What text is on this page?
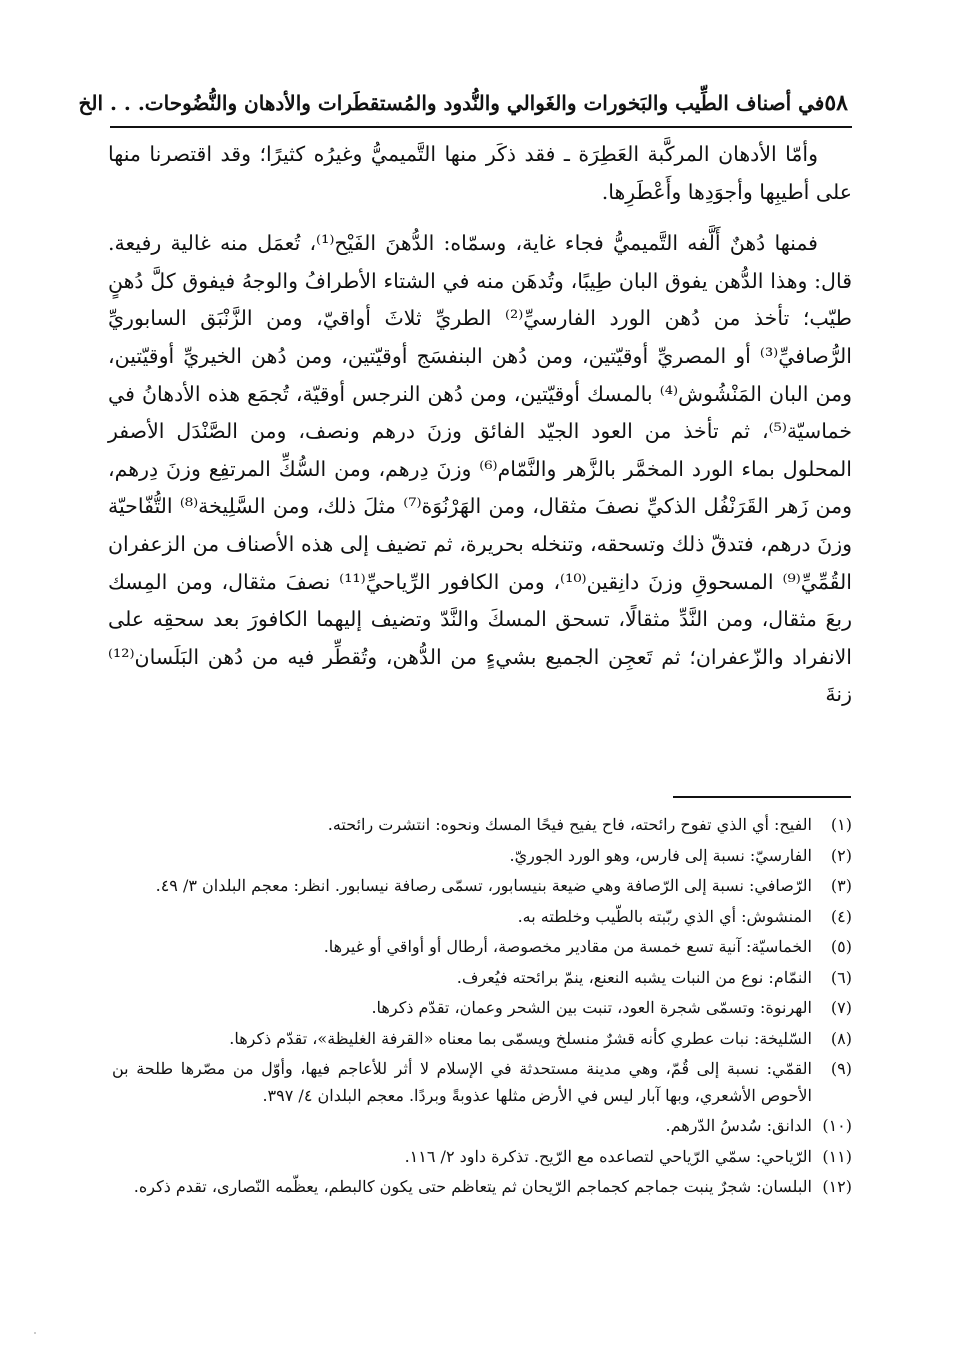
٥٨
في أصناف الطِّيب والبَخورات والغَوالي والنُّدود والمُستقطَرات والأدهان والنُّضُوحات. . . الخ

وأمّا الأدهان المركَّبة العَطِرَة ـ فقد ذكَر منها التَّميميُّ وغيرُه كثيرًا؛ وقد اقتصرنا منها على أطيبِها وأجوَدِها وأَعْطَرِها.

فمنها دُهنٌ أَلَّفه التَّميميُّ فجاء غاية، وسمّاه: الدُّهنَ الفَيْح⁽¹⁾، تُعمَل منه غالية رفيعة. قال: وهذا الدُّهن يفوق البان طِيبًا، وتُدهَن منه في الشتاء الأطرافُ والوجهُ فيفوق كلَّ دُهنٍ طيّب؛ تأخذ من دُهن الورد الفارسيِّ⁽²⁾ الطريِّ ثلاثَ أواقيّ، ومن الزَّنْبَق السابوريِّ الرُّصافيِّ⁽³⁾ أو المصريِّ أوقيّتين، ومن دُهن البنفسَج أوقيّتين، ومن دُهن الخيريِّ أوقيّتين، ومن البان المَنْشُوش⁽⁴⁾ بالمسك أوقيّتين، ومن دُهن النرجس أوقيّة، تُجمَع هذه الأدهانُ في خماسيّة⁽⁵⁾، ثم تأخذ من العود الجيّد الفائق وزنَ درهم ونصف، ومن الصَّنْدَل الأصفر المحلول بماء الورد المخمَّر بالزَّهر والنَّمّام⁽⁶⁾ وزنَ دِرهم، ومن السُّكِّ المرتفِع وزنَ دِرهم، ومن زَهر القَرَنْفُل الذكيِّ نصفَ مثقال، ومن الهَرْنُوَة⁽⁷⁾ مثلَ ذلك، ومن السَّلِيخة⁽⁸⁾ التُّفّاحيّة وزنَ درهم، فتدقّ ذلك وتسحقه، وتنخله بحريرة، ثم تضيف إلى هذه الأصناف من الزعفران القُمِّيِّ⁽⁹⁾ المسحوقِ وزنَ دانِقين⁽¹⁰⁾، ومن الكافور الرِّياحيِّ⁽¹¹⁾ نصفَ مثقال، ومن المِسك ربعَ مثقال، ومن النَّدِّ مثقالًا، تسحق المسكَ والنَّدّ وتضيف إليهما الكافورَ بعد سحقِه على الانفراد والزّعفران؛ ثم تَعجِن الجميع بشيءٍ من الدُّهن، وتُقطِّر فيه من دُهن البَلَسان⁽¹²⁾ زنةَ

(١)
الفيح: أي الذي تفوح رائحته، فاح يفيح فيحًا المسك ونحوه: انتشرت رائحته.
(٢)
الفارسيّ: نسبة إلى فارس، وهو الورد الجوريّ.
(٣)
الرّصافي: نسبة إلى الرّصافة وهي ضيعة بنيسابور، تسمّى رصافة نيسابور. انظر: معجم البلدان ٣/ ٤٩.
(٤)
المنشوش: أي الذي ربّبته بالطّيب وخلطته به.
(٥)
الخماسيّة: آنية تسع خمسة من مقادير مخصوصة، أرطال أو أواقي أو غيرها.
(٦)
النمّام: نوع من النبات يشبه النعنع، ينمّ برائحته فيُعرف.
(٧)
الهرنوة: وتسمّى شجرة العود، تنبت بين الشحر وعمان، تقدّم ذكرها.
(٨)
السّليخة: نبات عطري كأنه قشرٌ منسلخ ويسمّى بما معناه «القرفة الغليظة»، تقدّم ذكرها.
(٩)
القمّي: نسبة إلى قُمّ، وهي مدينة مستحدثة في الإسلام لا أثر للأعاجم فيها، وأوّل من مصّرها طلحة بن الأحوص الأشعري، وبها آبار ليس في الأرض مثلها عذوبةً وبردًا. معجم البلدان ٤/ ٣٩٧.
(١٠)
الدانق: سُدسُ الدّرهم.
(١١)
الرّياحي: سمّي الرّياحي لتصاعده مع الرّيح. تذكرة داود ٢/ ١١٦.
(١٢)
البلسان: شجرٌ ينبت جماجم كجماجم الرّيحان ثم يتعاظم حتى يكون كالبطم، يعظّمه النّصارى، تقدم ذكره.
